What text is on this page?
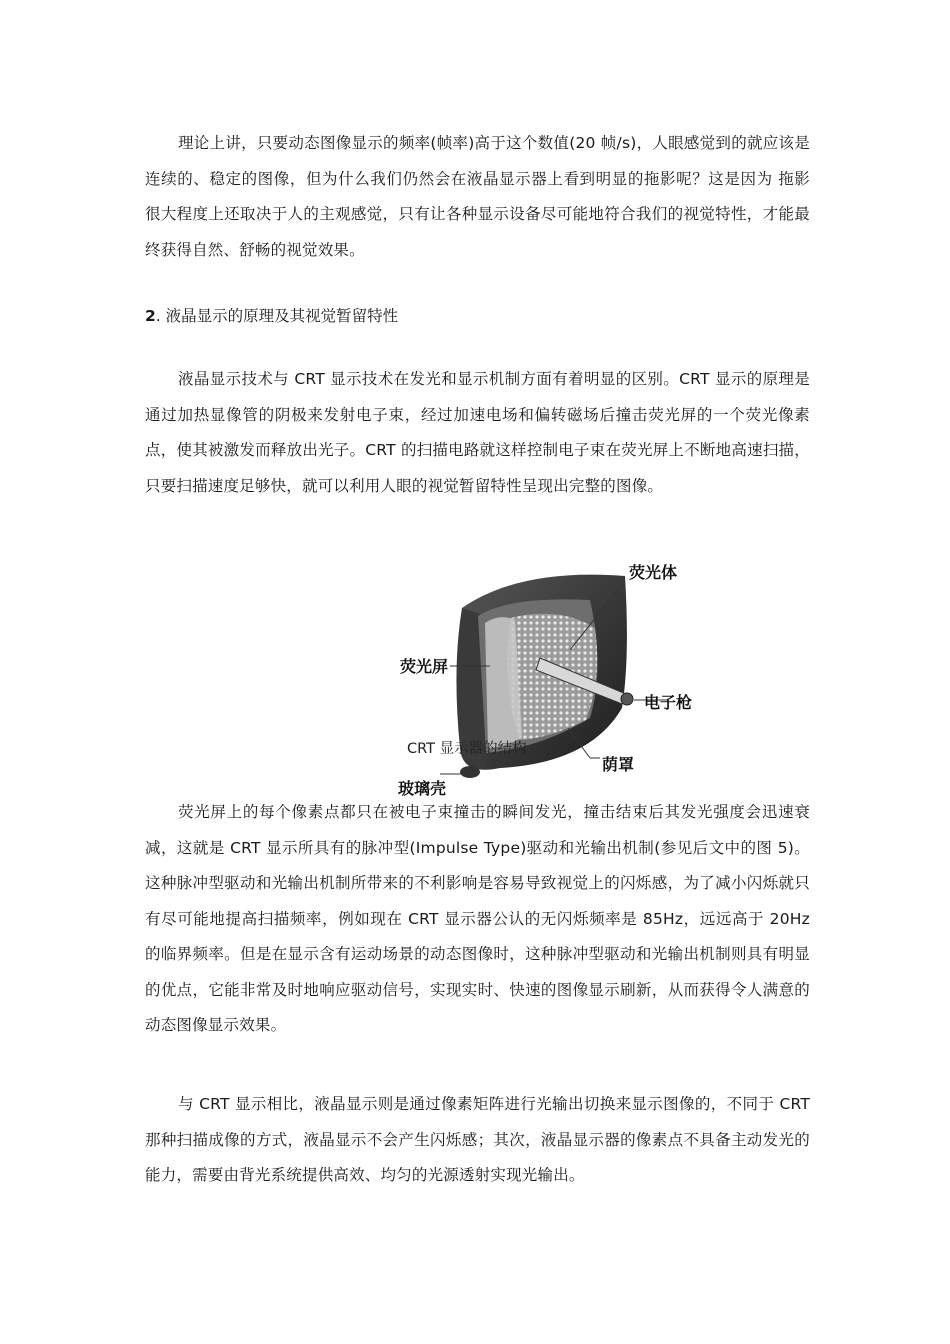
理论上讲，只要动态图像显示的频率(帧率)高于这个数值(20 帧/s)，人眼感觉到的就应该是连续的、稳定的图像，但为什么我们仍然会在液晶显示器上看到明显的拖影呢？这是因为 拖影 很大程度上还取决于人的主观感觉，只有让各种显示设备尽可能地符合我们的视觉特性，才能最终获得自然、舒畅的视觉效果。

2. 液晶显示的原理及其视觉暂留特性

液晶显示技术与 CRT 显示技术在发光和显示机制方面有着明显的区别。CRT 显示的原理是通过加热显像管的阴极来发射电子束，经过加速电场和偏转磁场后撞击荧光屏的一个荧光像素点，使其被激发而释放出光子。CRT 的扫描电路就这样控制电子束在荧光屏上不断地高速扫描，只要扫描速度足够快，就可以利用人眼的视觉暂留特性呈现出完整的图像。

荧光体
荧光屏
电子枪
荫罩
玻璃壳
CRT 显示器的结构

荧光屏上的每个像素点都只在被电子束撞击的瞬间发光，撞击结束后其发光强度会迅速衰减，这就是 CRT 显示所具有的脉冲型(Impulse Type)驱动和光输出机制(参见后文中的图 5)。这种脉冲型驱动和光输出机制所带来的不利影响是容易导致视觉上的闪烁感，为了减小闪烁就只有尽可能地提高扫描频率，例如现在 CRT 显示器公认的无闪烁频率是 85Hz，远远高于 20Hz 的临界频率。但是在显示含有运动场景的动态图像时，这种脉冲型驱动和光输出机制则具有明显的优点，它能非常及时地响应驱动信号，实现实时、快速的图像显示刷新，从而获得令人满意的动态图像显示效果。

与 CRT 显示相比，液晶显示则是通过像素矩阵进行光输出切换来显示图像的，不同于 CRT 那种扫描成像的方式，液晶显示不会产生闪烁感；其次，液晶显示器的像素点不具备主动发光的能力，需要由背光系统提供高效、均匀的光源透射实现光输出。
